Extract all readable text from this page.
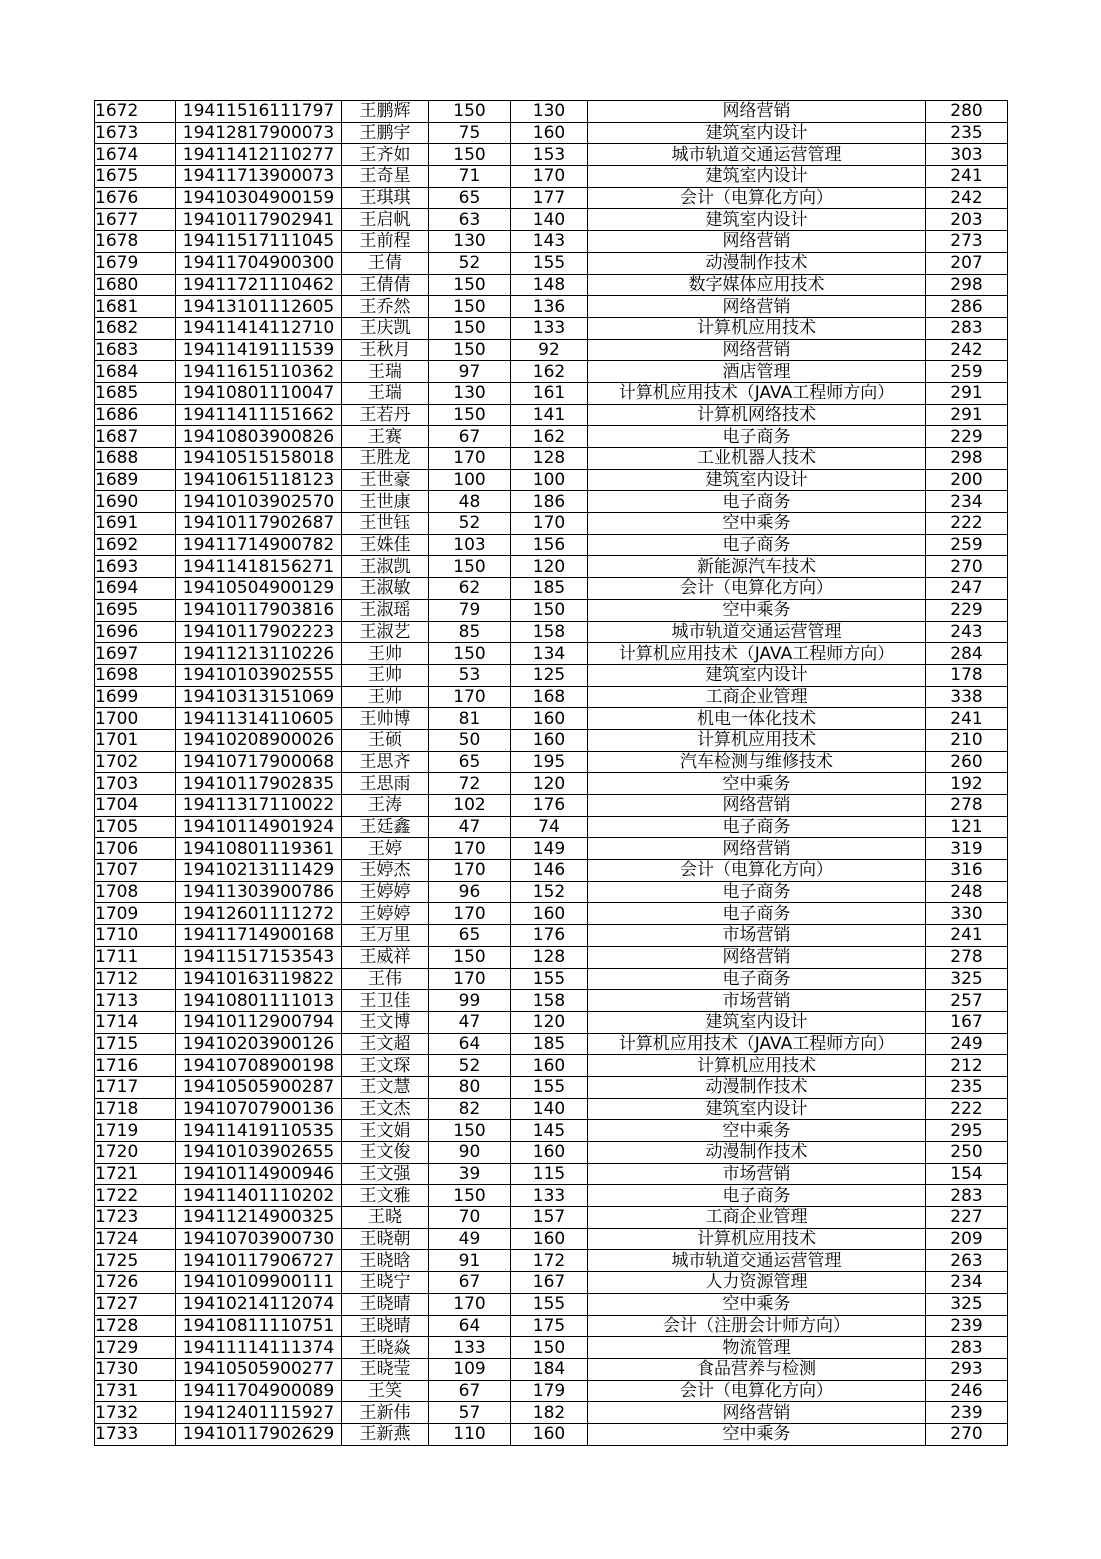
1672	19411516111797	王鹏辉	150	130	网络营销	280
1673	19412817900073	王鹏宇	75	160	建筑室内设计	235
1674	19411412110277	王齐如	150	153	城市轨道交通运营管理	303
1675	19411713900073	王奇星	71	170	建筑室内设计	241
1676	19410304900159	王琪琪	65	177	会计（电算化方向）	242
1677	19410117902941	王启帆	63	140	建筑室内设计	203
1678	19411517111045	王前程	130	143	网络营销	273
1679	19411704900300	王倩	52	155	动漫制作技术	207
1680	19411721110462	王倩倩	150	148	数字媒体应用技术	298
1681	19413101112605	王乔然	150	136	网络营销	286
1682	19411414112710	王庆凯	150	133	计算机应用技术	283
1683	19411419111539	王秋月	150	92	网络营销	242
1684	19411615110362	王瑞	97	162	酒店管理	259
1685	19410801110047	王瑞	130	161	计算机应用技术（JAVA工程师方向）	291
1686	19411411151662	王若丹	150	141	计算机网络技术	291
1687	19410803900826	王赛	67	162	电子商务	229
1688	19410515158018	王胜龙	170	128	工业机器人技术	298
1689	19410615118123	王世豪	100	100	建筑室内设计	200
1690	19410103902570	王世康	48	186	电子商务	234
1691	19410117902687	王世钰	52	170	空中乘务	222
1692	19411714900782	王姝佳	103	156	电子商务	259
1693	19411418156271	王淑凯	150	120	新能源汽车技术	270
1694	19410504900129	王淑敏	62	185	会计（电算化方向）	247
1695	19410117903816	王淑瑶	79	150	空中乘务	229
1696	19410117902223	王淑艺	85	158	城市轨道交通运营管理	243
1697	19411213110226	王帅	150	134	计算机应用技术（JAVA工程师方向）	284
1698	19410103902555	王帅	53	125	建筑室内设计	178
1699	19410313151069	王帅	170	168	工商企业管理	338
1700	19411314110605	王帅博	81	160	机电一体化技术	241
1701	19410208900026	王硕	50	160	计算机应用技术	210
1702	19410717900068	王思齐	65	195	汽车检测与维修技术	260
1703	19410117902835	王思雨	72	120	空中乘务	192
1704	19411317110022	王涛	102	176	网络营销	278
1705	19410114901924	王廷鑫	47	74	电子商务	121
1706	19410801119361	王婷	170	149	网络营销	319
1707	19410213111429	王婷杰	170	146	会计（电算化方向）	316
1708	19411303900786	王婷婷	96	152	电子商务	248
1709	19412601111272	王婷婷	170	160	电子商务	330
1710	19411714900168	王万里	65	176	市场营销	241
1711	19411517153543	王威祥	150	128	网络营销	278
1712	19410163119822	王伟	170	155	电子商务	325
1713	19410801111013	王卫佳	99	158	市场营销	257
1714	19410112900794	王文博	47	120	建筑室内设计	167
1715	19410203900126	王文超	64	185	计算机应用技术（JAVA工程师方向）	249
1716	19410708900198	王文琛	52	160	计算机应用技术	212
1717	19410505900287	王文慧	80	155	动漫制作技术	235
1718	19410707900136	王文杰	82	140	建筑室内设计	222
1719	19411419110535	王文娟	150	145	空中乘务	295
1720	19410103902655	王文俊	90	160	动漫制作技术	250
1721	19410114900946	王文强	39	115	市场营销	154
1722	19411401110202	王文雅	150	133	电子商务	283
1723	19411214900325	王晓	70	157	工商企业管理	227
1724	19410703900730	王晓朝	49	160	计算机应用技术	209
1725	19410117906727	王晓晗	91	172	城市轨道交通运营管理	263
1726	19410109900111	王晓宁	67	167	人力资源管理	234
1727	19410214112074	王晓晴	170	155	空中乘务	325
1728	19410811110751	王晓晴	64	175	会计（注册会计师方向）	239
1729	19411114111374	王晓焱	133	150	物流管理	283
1730	19410505900277	王晓莹	109	184	食品营养与检测	293
1731	19411704900089	王笑	67	179	会计（电算化方向）	246
1732	19412401115927	王新伟	57	182	网络营销	239
1733	19410117902629	王新燕	110	160	空中乘务	270
